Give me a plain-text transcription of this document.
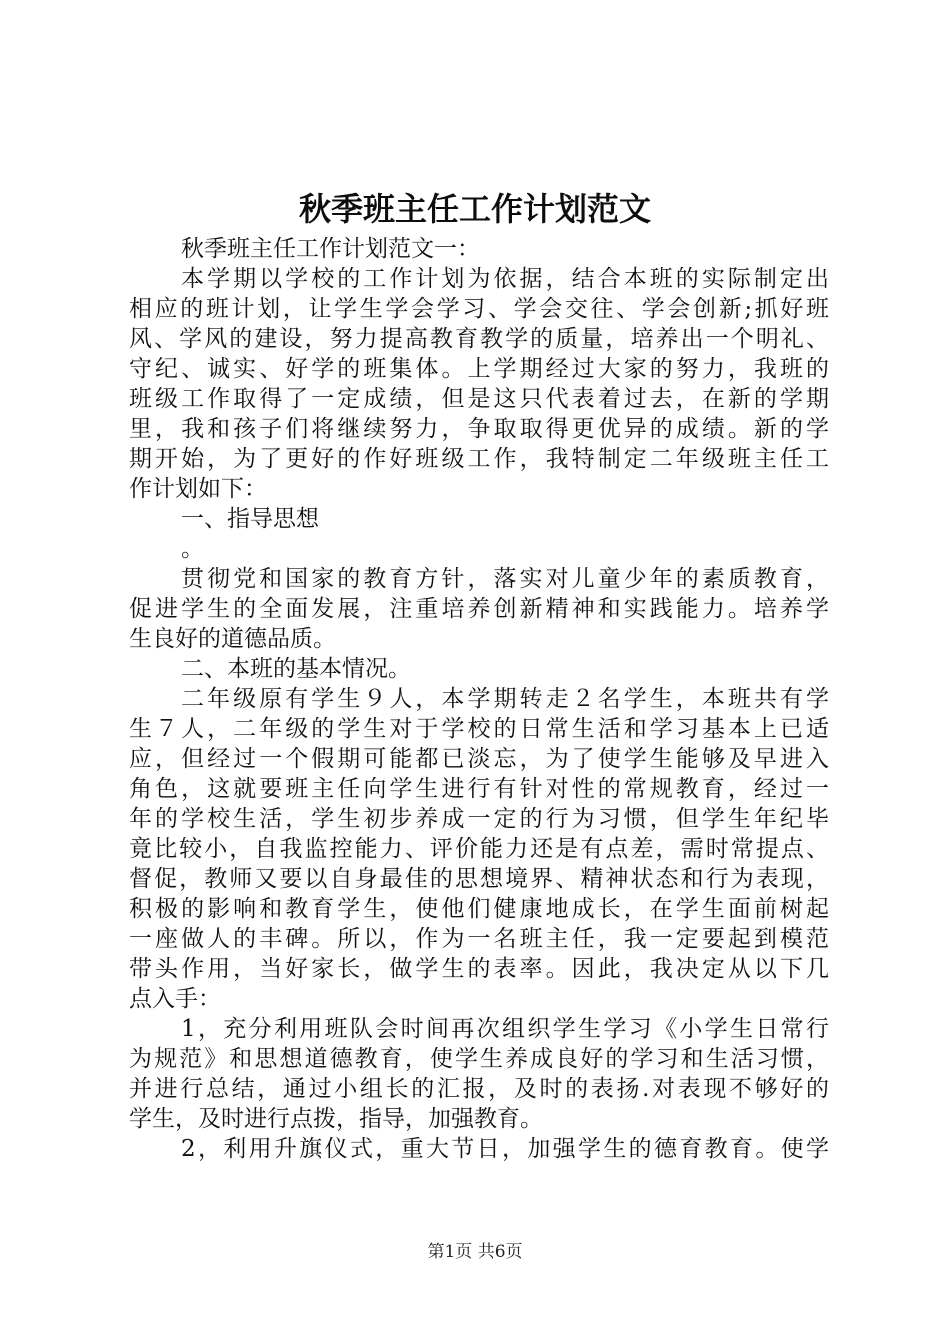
秋季班主任工作计划范文
秋季班主任工作计划范文一：
本学期以学校的工作计划为依据，结合本班的实际制定出
相应的班计划，让学生学会学习、学会交往、学会创新;抓好班
风、学风的建设，努力提高教育教学的质量，培养出一个明礼、
守纪、诚实、好学的班集体。上学期经过大家的努力，我班的
班级工作取得了一定成绩，但是这只代表着过去，在新的学期
里，我和孩子们将继续努力，争取取得更优异的成绩。新的学
期开始，为了更好的作好班级工作，我特制定二年级班主任工
作计划如下：
一、指导思想
。
贯彻党和国家的教育方针，落实对儿童少年的素质教育，
促进学生的全面发展，注重培养创新精神和实践能力。培养学
生良好的道德品质。
二、本班的基本情况。
二年级原有学生９人，本学期转走２名学生，本班共有学
生７人，二年级的学生对于学校的日常生活和学习基本上已适
应，但经过一个假期可能都已淡忘，为了使学生能够及早进入
角色，这就要班主任向学生进行有针对性的常规教育，经过一
年的学校生活，学生初步养成一定的行为习惯，但学生年纪毕
竟比较小，自我监控能力、评价能力还是有点差，需时常提点、
督促，教师又要以自身最佳的思想境界、精神状态和行为表现，
积极的影响和教育学生，使他们健康地成长，在学生面前树起
一座做人的丰碑。所以，作为一名班主任，我一定要起到模范
带头作用，当好家长，做学生的表率。因此，我决定从以下几
点入手：
1，充分利用班队会时间再次组织学生学习《小学生日常行
为规范》和思想道德教育，使学生养成良好的学习和生活习惯，
并进行总结，通过小组长的汇报，及时的表扬.对表现不够好的
学生，及时进行点拨，指导，加强教育。
2，利用升旗仪式，重大节日，加强学生的德育教育。使学
第1页 共6页
